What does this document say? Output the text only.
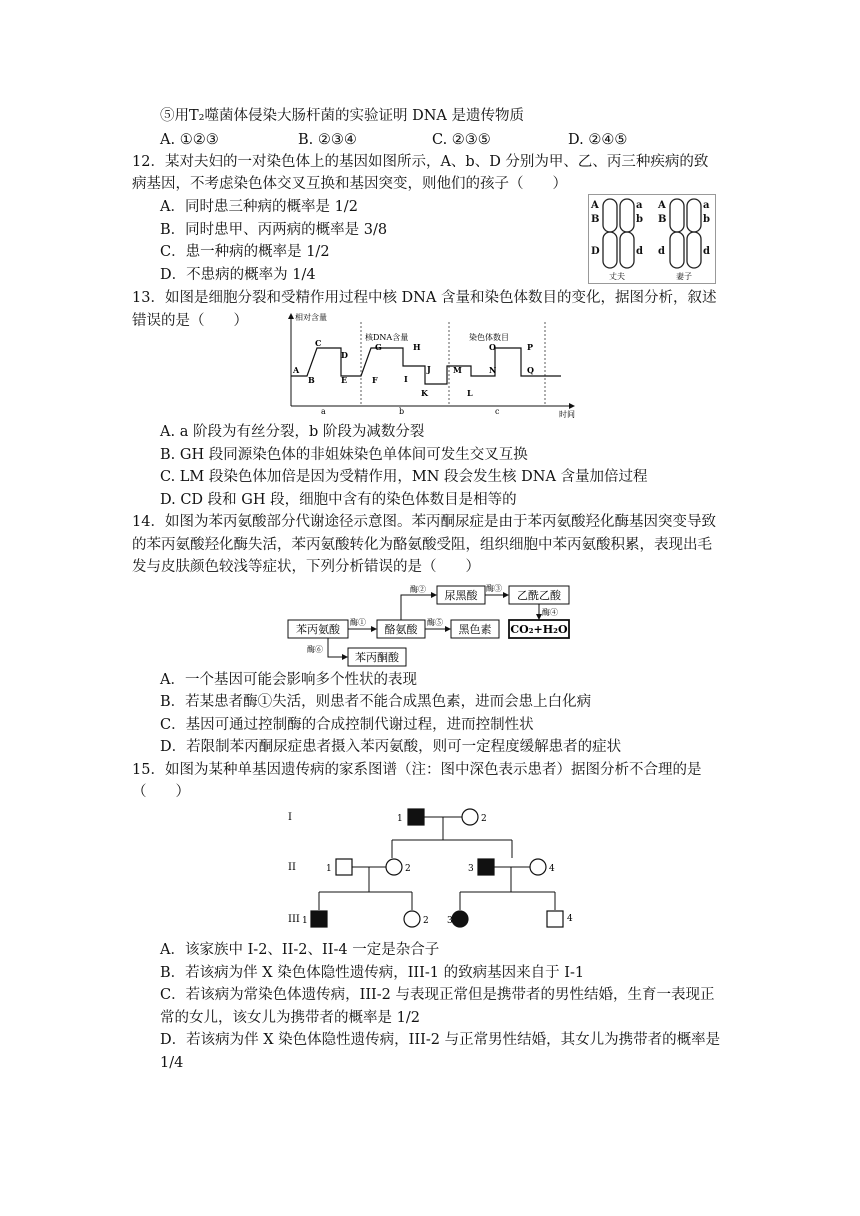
⑤用T₂噬菌体侵染大肠杆菌的实验证明 DNA 是遗传物质
A. ①②③	B. ②③④	C. ②③⑤	D. ②④⑤
12．某对夫妇的一对染色体上的基因如图所示，A、b、D 分别为甲、乙、丙三种疾病的致
病基因，不考虑染色体交叉互换和基因突变，则他们的孩子（　　）
A．同时患三种病的概率是 1/2
B．同时患甲、丙两病的概率是 3/8
C．患一种病的概率是 1/2
D．不患病的概率为 1/4
A
B
D
a
b
d
A
B
d
a
b
d
丈夫	妻子
13．如图是细胞分裂和受精作用过程中核 DNA 含量和染色体数目的变化，据图分析，叙述
错误的是（　　）	相对含量
时间
a	b	c
核DNA含量	染色体数目
A
B
C
D
E	F
G	H
I
J
K	L
M	N
O	P
Q
A. a 阶段为有丝分裂，b 阶段为减数分裂
B. GH 段同源染色体的非姐妹染色单体间可发生交叉互换
C. LM 段染色体加倍是因为受精作用，MN 段会发生核 DNA 含量加倍过程
D. CD 段和 GH 段，细胞中含有的染色体数目是相等的
14．如图为苯丙氨酸部分代谢途径示意图。苯丙酮尿症是由于苯丙氨酸羟化酶基因突变导致
的苯丙氨酸羟化酶失活，苯丙氨酸转化为酪氨酸受阻，组织细胞中苯丙氨酸积累，表现出毛
发与皮肤颜色较浅等症状，下列分析错误的是（　　）
苯丙氨酸	酪氨酸
尿黑酸	乙酰乙酸
CO₂+H₂O
黑色素
苯丙酮酸
酶①
酶②	酶③
酶④
酶⑤
酶⑥
A．一个基因可能会影响多个性状的表现
B．若某患者酶①失活，则患者不能合成黑色素，进而会患上白化病
C．基因可通过控制酶的合成控制代谢过程，进而控制性状
D．若限制苯丙酮尿症患者摄入苯丙氨酸，则可一定程度缓解患者的症状
15．如图为某种单基因遗传病的家系图谱（注：图中深色表示患者）据图分析不合理的是
（　　）
I
II
III
1	2
1	2	3	4
1	2 3	4
A．该家族中 I-2、II-2、II-4 一定是杂合子
B．若该病为伴 X 染色体隐性遗传病，III-1 的致病基因来自于 I-1
C．若该病为常染色体遗传病，III-2 与表现正常但是携带者的男性结婚，生育一表现正
常的女儿，该女儿为携带者的概率是 1/2
D．若该病为伴 X 染色体隐性遗传病，III-2 与正常男性结婚，其女儿为携带者的概率是
1/4
